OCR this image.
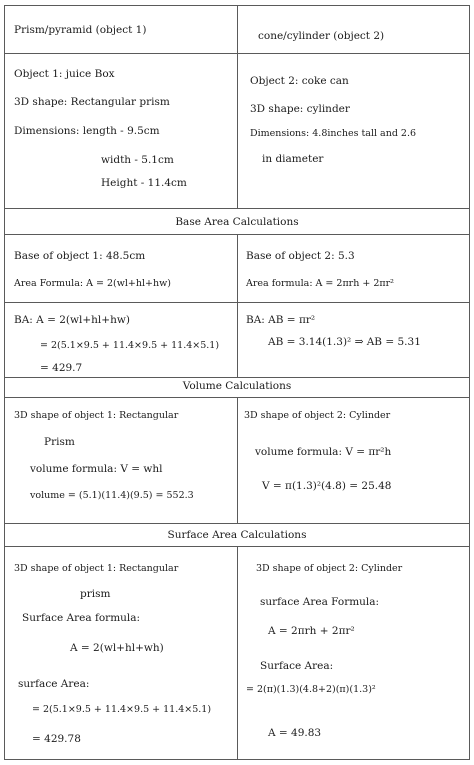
Prism/pyramid (object 1)	cone/cylinder (object 2)
Object 1: juice Box
3D shape: Rectangular prism
Dimensions: length - 9.5cm
width - 5.1cm
Height - 11.4cm
Object 2: coke can
3D shape: cylinder
Dimensions: 4.8inches tall and 2.6
in diameter
Base Area Calculations
Base of object 1: 48.5cm
Area Formula: A = 2(wl+hl+hw)
Base of object 2: 5.3
Area formula: A = 2πrh + 2πr²
BA: A = 2(wl+hl+hw)
= 2(5.1×9.5 + 11.4×9.5 + 11.4×5.1)
= 429.7
BA: AB = πr²
AB = 3.14(1.3)² ⇒ AB = 5.31
Volume Calculations
3D shape of object 1: Rectangular
Prism
volume formula: V = whl
volume = (5.1)(11.4)(9.5) = 552.3
3D shape of object 2: Cylinder
volume formula: V = πr²h
V = π(1.3)²(4.8) = 25.48
Surface Area Calculations
3D shape of object 1: Rectangular
prism
Surface Area formula:
A = 2(wl+hl+wh)
surface Area:
= 2(5.1×9.5 + 11.4×9.5 + 11.4×5.1)
= 429.78
3D shape of object 2: Cylinder
surface Area Formula:
A = 2πrh + 2πr²
Surface Area:
= 2(π)(1.3)(4.8+2)(π)(1.3)²
A = 49.83
